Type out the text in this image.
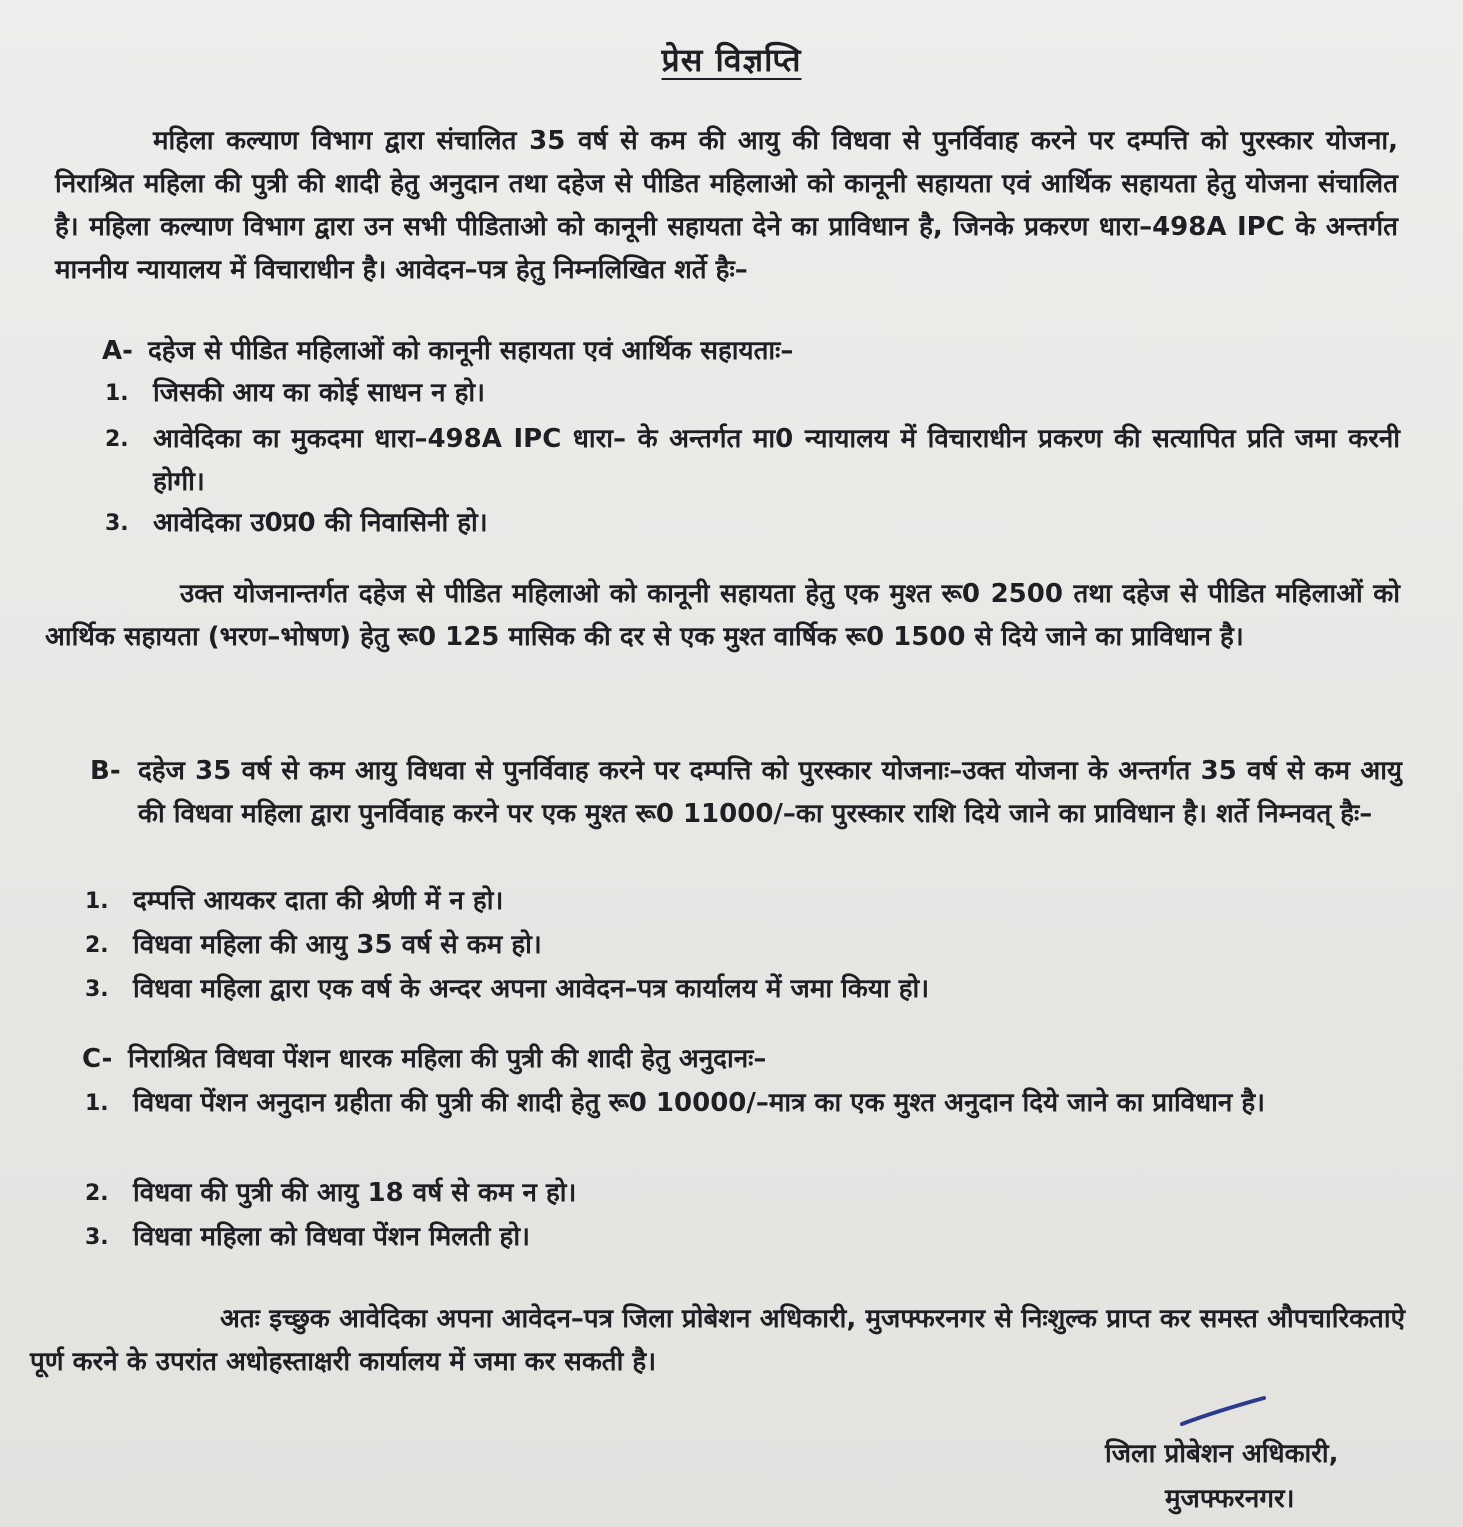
प्रेस विज्ञप्ति
महिला कल्याण विभाग द्वारा संचालित 35 वर्ष से कम की आयु की विधवा से पुनर्विवाह करने पर दम्पत्ति को पुरस्कार योजना, निराश्रित महिला की पुत्री की शादी हेतु अनुदान तथा दहेज से पीडित महिलाओ को कानूनी सहायता एवं आर्थिक सहायता हेतु योजना संचालित है। महिला कल्याण विभाग द्वारा उन सभी पीडिताओ को कानूनी सहायता देने का प्राविधान है, जिनके प्रकरण धारा–498A IPC के अन्तर्गत माननीय न्यायालय में विचाराधीन है। आवेदन–पत्र हेतु निम्नलिखित शर्ते हैः–
A- दहेज से पीडित महिलाओं को कानूनी सहायता एवं आर्थिक सहायताः–
1. जिसकी आय का कोई साधन न हो।
2. आवेदिका का मुकदमा धारा–498A IPC धारा– के अन्तर्गत मा0 न्यायालय में विचाराधीन प्रकरण की सत्यापित प्रति जमा करनी होगी।
3. आवेदिका उ0प्र0 की निवासिनी हो।
उक्त योजनान्तर्गत दहेज से पीडित महिलाओ को कानूनी सहायता हेतु एक मुश्त रू0 2500 तथा दहेज से पीडित महिलाओं को आर्थिक सहायता (भरण–भोषण) हेतु रू0 125 मासिक की दर से एक मुश्त वार्षिक रू0 1500 से दिये जाने का प्राविधान है।
B- दहेज 35 वर्ष से कम आयु विधवा से पुनर्विवाह करने पर दम्पत्ति को पुरस्कार योजनाः–उक्त योजना के अन्तर्गत 35 वर्ष से कम आयु की विधवा महिला द्वारा पुनर्विवाह करने पर एक मुश्त रू0 11000/–का पुरस्कार राशि दिये जाने का प्राविधान है। शर्ते निम्नवत् हैः–
1. दम्पत्ति आयकर दाता की श्रेणी में न हो।
2. विधवा महिला की आयु 35 वर्ष से कम हो।
3. विधवा महिला द्वारा एक वर्ष के अन्दर अपना आवेदन–पत्र कार्यालय में जमा किया हो।
C- निराश्रित विधवा पेंशन धारक महिला की पुत्री की शादी हेतु अनुदानः–
1. विधवा पेंशन अनुदान ग्रहीता की पुत्री की शादी हेतु रू0 10000/–मात्र का एक मुश्त अनुदान दिये जाने का प्राविधान है।
2. विधवा की पुत्री की आयु 18 वर्ष से कम न हो।
3. विधवा महिला को विधवा पेंशन मिलती हो।
अतः इच्छुक आवेदिका अपना आवेदन–पत्र जिला प्रोबेशन अधिकारी, मुजफ्फरनगर से निःशुल्क प्राप्त कर समस्त औपचारिकताऐ पूर्ण करने के उपरांत अधोहस्ताक्षरी कार्यालय में जमा कर सकती है।
जिला प्रोबेशन अधिकारी,
मुजफ्फरनगर।
